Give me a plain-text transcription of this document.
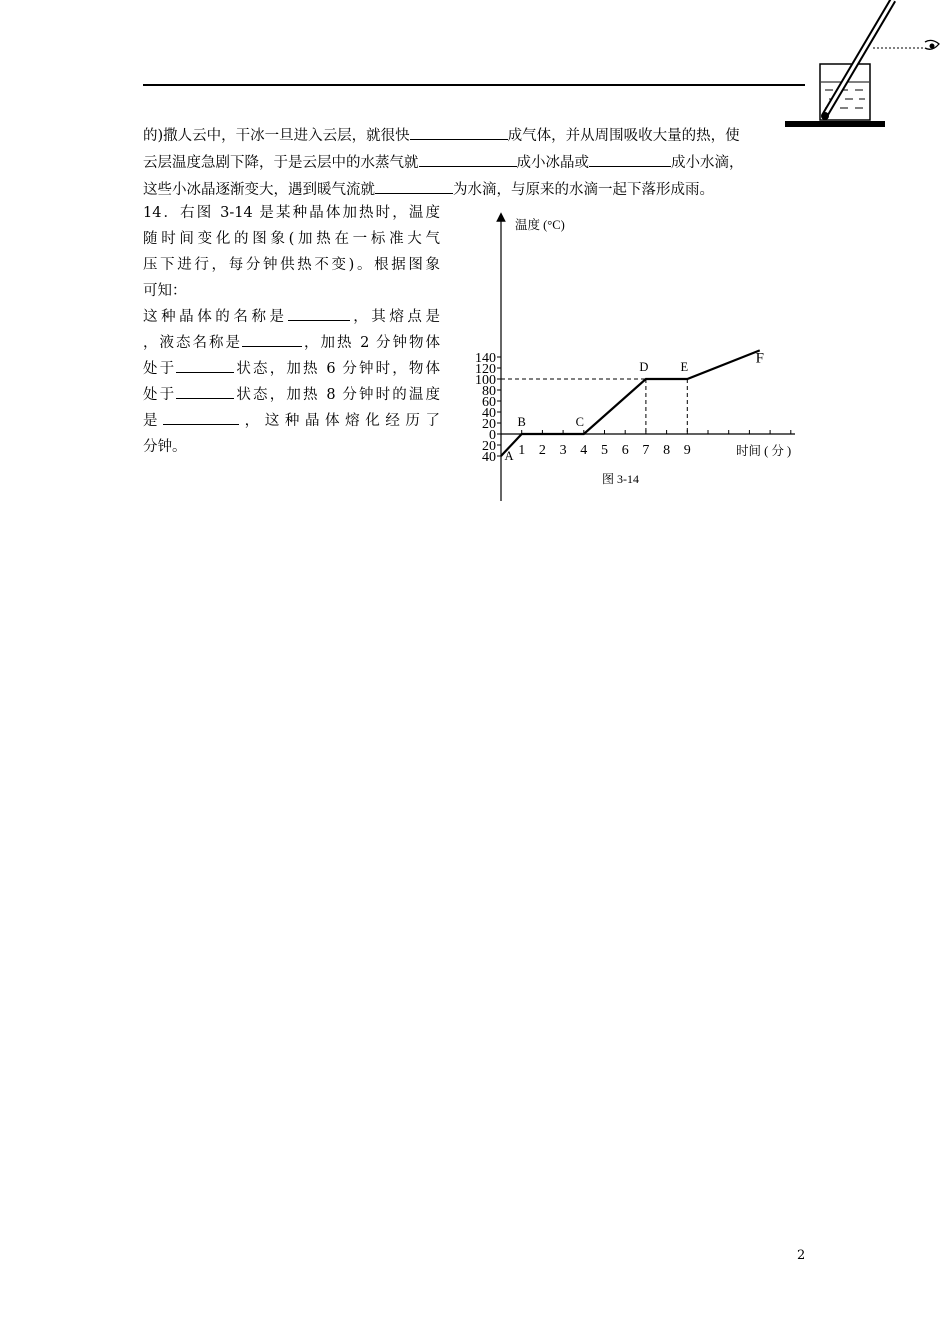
的)撒人云中，干冰一旦进入云层，就很快	成气体，并从周围吸收大量的热，使
云层温度急剧下降，于是云层中的水蒸气就	成小冰晶或	成小水滴，
这些小冰晶逐渐变大，遇到暖气流就	为水滴，与原来的水滴一起下落形成雨。
14．右图 3-14 是某种晶体加热时，温度
随时间变化的图象(加热在一标准大气
压下进行，每分钟供热不变)。根据图象
可知：
这种晶体的名称是	，其熔点是
，液态名称是	，加热 2 分钟物体
处于	状态，加热 6 分钟时，物体
处于	状态，加热 8 分钟时的温度
是	，这种晶体熔化经历了
分钟。
140
120
100
80
60
40
20
0
20
40 1 2 3 4 5 6 7 8 9
A
B	C
D	E
F
温度 (°C)
时间 ( 分 )
图 3-14
2
